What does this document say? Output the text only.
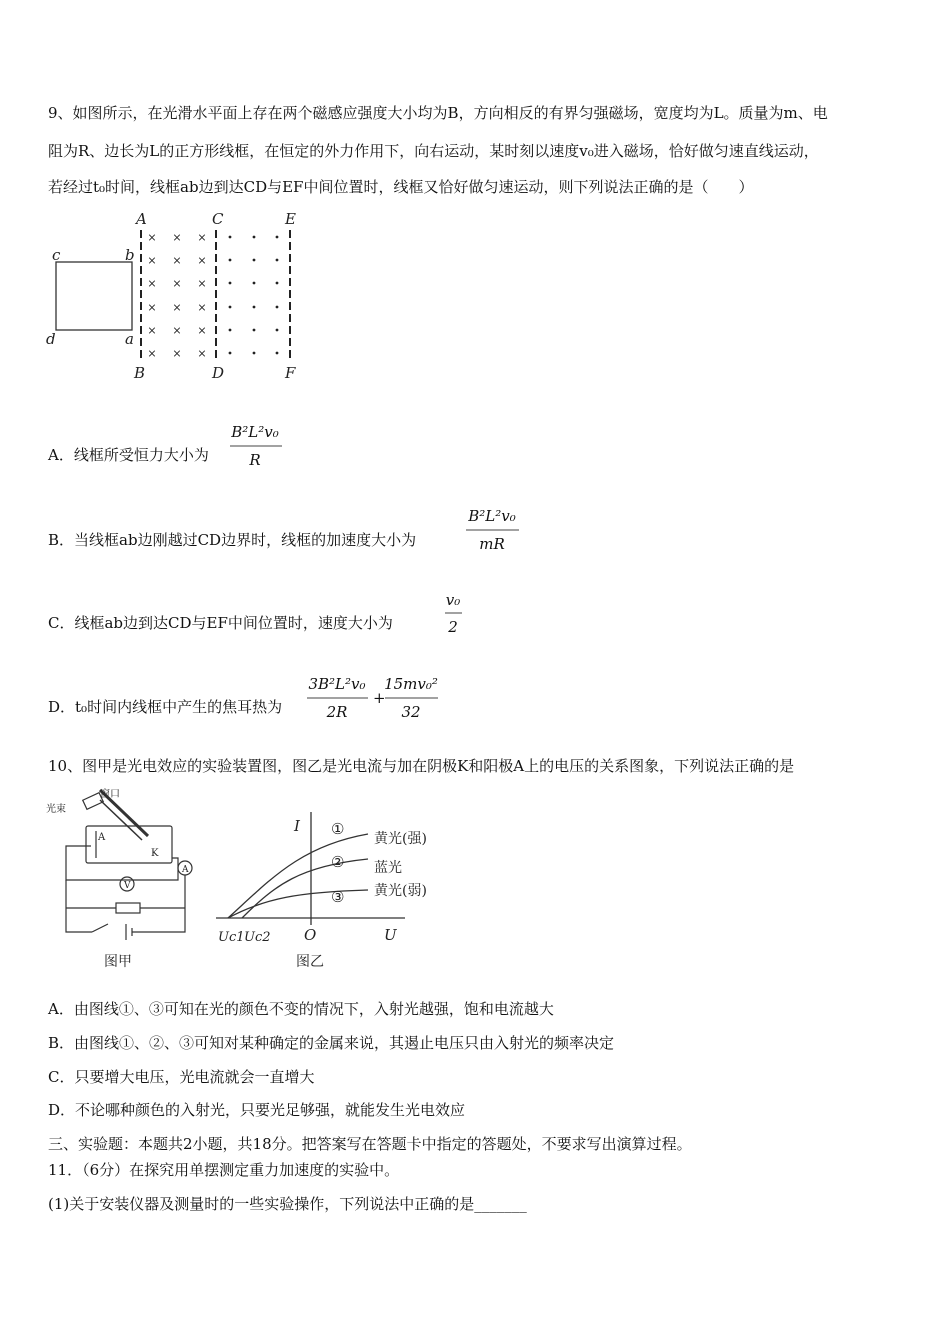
9、如图所示，在光滑水平面上存在两个磁感应强度大小均为B，方向相反的有界匀强磁场，宽度均为L。质量为m、电
阻为R、边长为L的正方形线框，在恒定的外力作用下，向右运动，某时刻以速度v₀进入磁场，恰好做匀速直线运动，
若经过t₀时间，线框ab边到达CD与EF中间位置时，线框又恰好做匀速运动，则下列说法正确的是（　　）
A	C	E
B	D	F
b
a
c
d
× × ×
× × ×
× × ×
× × ×
× × ×
× × ×
A．线框所受恒力大小为
B²L²v₀
R
B．当线框ab边刚越过CD边界时，线框的加速度大小为
B²L²v₀
mR
C．线框ab边到达CD与EF中间位置时，速度大小为
v₀
2
D．t₀时间内线框中产生的焦耳热为
3B²L²v₀
2R
+
15mv₀²
32
10、图甲是光电效应的实验装置图，图乙是光电流与加在阴极K和阳极A上的电压的关系图象，下列说法正确的是
光束
窗口
A
K
A
V
图甲
I
U
O
Uc1 Uc2
①
②
③
黄光(强)
蓝光
黄光(弱)
图乙
A．由图线①、③可知在光的颜色不变的情况下，入射光越强，饱和电流越大
B．由图线①、②、③可知对某种确定的金属来说，其遏止电压只由入射光的频率决定
C．只要增大电压，光电流就会一直增大
D．不论哪种颜色的入射光，只要光足够强，就能发生光电效应
三、实验题：本题共2小题，共18分。把答案写在答题卡中指定的答题处，不要求写出演算过程。
11．（6分）在探究用单摆测定重力加速度的实验中。
(1)关于安装仪器及测量时的一些实验操作，下列说法中正确的是_______
